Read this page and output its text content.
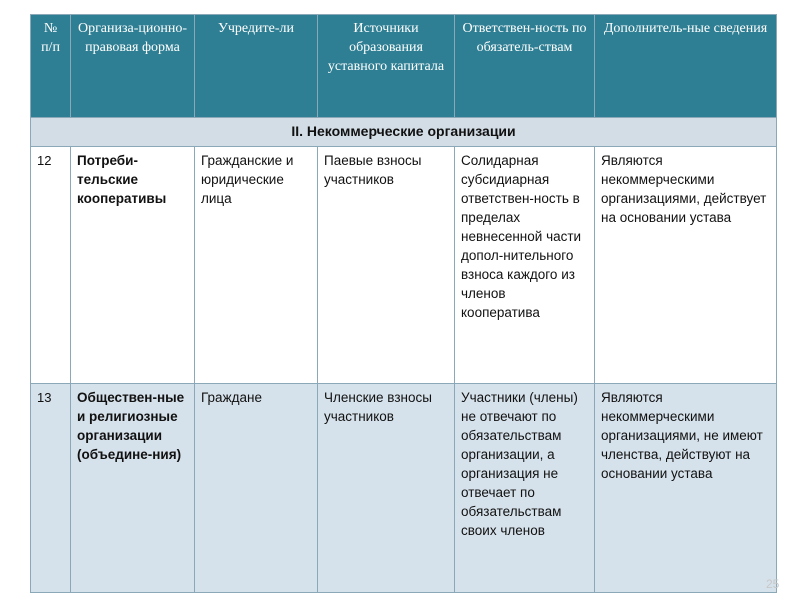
№ п/п	Организа-ционно-правовая форма	Учредите-ли	Источники образования уставного капитала	Ответствен-ность по обязатель-ствам	Дополнитель-ные сведения
II. Некоммерческие организации					
12	Потреби-тельские кооперативы	Гражданские и юридические лица	Паевые взносы участников	Солидарная субсидиарная ответствен-ность в пределах невнесенной части допол-нительного взноса каждого из членов кооператива	Являются некоммерческими организациями, действует на основании устава
13	Обществен-ные и религиозные организации (объедине-ния)	Граждане	Членские взносы участников	Участники (члены) не отвечают по обязательствам организации, а организация не отвечает по обязательствам своих членов	Являются некоммерческими организациями, не имеют членства, действуют на основании устава
25
